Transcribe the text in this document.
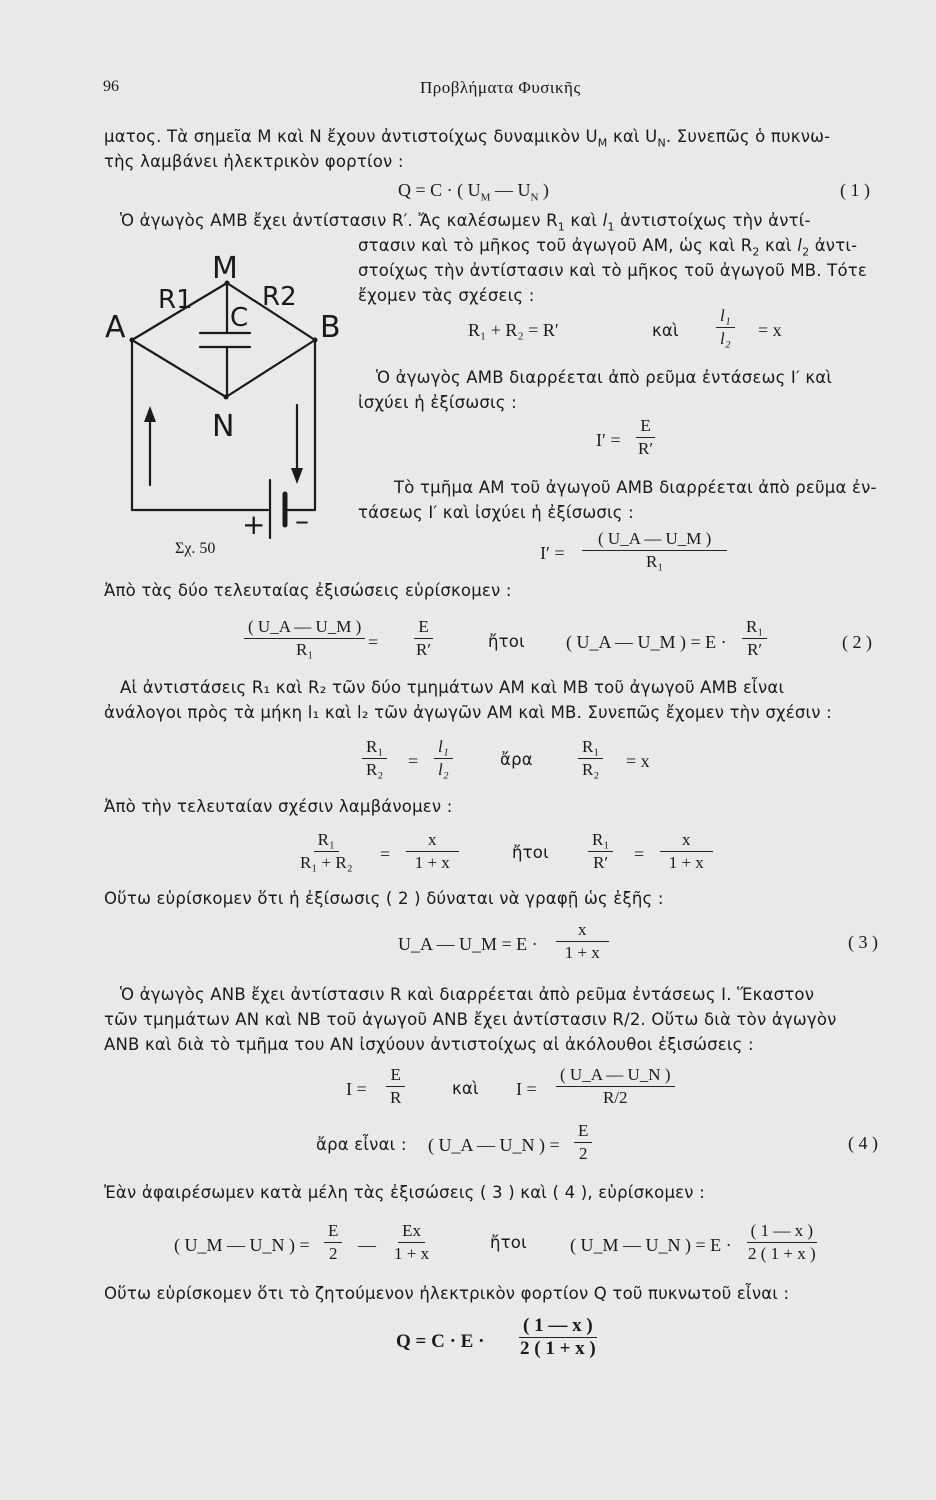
96	Προβλήματα Φυσικῆς
ματος. Τὰ σημεῖα Μ καὶ Ν ἔχουν ἀντιστοίχως δυναμικὸν $U_M$ καὶ $U_N$. Συνεπῶς ὁ πυκνω-
τὴς λαμβάνει ἠλεκτρικὸν φορτίον :
Q = C · ( $U_M$ — $U_N$ )	( 1 )
Ὁ ἀγωγὸς ΑΜΒ ἔχει ἀντίστασιν R′. Ἄς καλέσωμεν $R_1$ καὶ $l_1$ ἀντιστοίχως τὴν ἀντί-
στασιν καὶ τὸ μῆκος τοῦ ἀγωγοῦ ΑΜ, ὡς καὶ $R_2$ καὶ $l_2$ ἀντι-
στοίχως τὴν ἀντίστασιν καὶ τὸ μῆκος τοῦ ἀγωγοῦ ΜΒ. Τότε
ἔχομεν τὰς σχέσεις :
R₁ + R₂ = R′	καὶ
l₁
l₂ = x
Ὁ ἀγωγὸς ΑΜΒ διαρρέεται ἀπὸ ρεῦμα ἐντάσεως I′ καὶ
ἰσχύει ἡ ἐξίσωσις :
I′ =
E
R′
Τὸ τμῆμα ΑΜ τοῦ ἀγωγοῦ ΑΜΒ διαρρέεται ἀπὸ ρεῦμα ἐν-
τάσεως I′ καὶ ἰσχύει ἡ ἐξίσωσις :
I′ =
( U_A — U_M )
R₁
A	B
M
N
R1	R2
C
+ –
Σχ. 50
Ἀπὸ τὰς δύο τελευταίας ἐξισώσεις εὑρίσκομεν :
( U_A — U_M )
R₁	=
E
R′	ἤτοι ( U_A — U_M ) = E ·
R₁
R′	( 2 )
Αἱ ἀντιστάσεις R₁ καὶ R₂ τῶν δύο τμημάτων ΑΜ καὶ ΜΒ τοῦ ἀγωγοῦ ΑΜΒ εἶναι
ἀνάλογοι πρὸς τὰ μήκη l₁ καὶ l₂ τῶν ἀγωγῶν ΑΜ καὶ ΜΒ. Συνεπῶς ἔχομεν τὴν σχέσιν :
R₁
R₂ =
l₁
l₂
ἄρα
R₁
R₂ = x
Ἀπὸ τὴν τελευταίαν σχέσιν λαμβάνομεν :
R₁
R₁ + R₂ =
x
1 + x
ἤτοι
R₁
R′ =
x
1 + x
Οὕτω εὑρίσκομεν ὅτι ἡ ἐξίσωσις ( 2 ) δύναται νὰ γραφῇ ὡς ἑξῆς :
U_A — U_M = E ·
x
1 + x
( 3 )
Ὁ ἀγωγὸς ΑΝΒ ἔχει ἀντίστασιν R καὶ διαρρέεται ἀπὸ ρεῦμα ἐντάσεως I. Ἕκαστον
τῶν τμημάτων ΑΝ καὶ ΝΒ τοῦ ἀγωγοῦ ΑΝΒ ἔχει ἀντίστασιν R/2. Οὕτω διὰ τὸν ἀγωγὸν
ΑΝΒ καὶ διὰ τὸ τμῆμα του ΑΝ ἰσχύουν ἀντιστοίχως αἱ ἀκόλουθοι ἐξισώσεις :
I =
E
R	καὶ I =
( U_A — U_N )
R/2
ἄρα εἶναι : ( U_A — U_N ) =
E
2
( 4 )
Ἐὰν ἀφαιρέσωμεν κατὰ μέλη τὰς ἐξισώσεις ( 3 ) καὶ ( 4 ), εὑρίσκομεν :
( U_M — U_N ) =
E
2 —
Ex
1 + x
ἤτοι ( U_M — U_N ) = E ·
( 1 — x )
2 ( 1 + x )
Οὕτω εὑρίσκομεν ὅτι τὸ ζητούμενον ἠλεκτρικὸν φορτίον Q τοῦ πυκνωτοῦ εἶναι :
Q = C · E ·
( 1 — x )
2 ( 1 + x )
